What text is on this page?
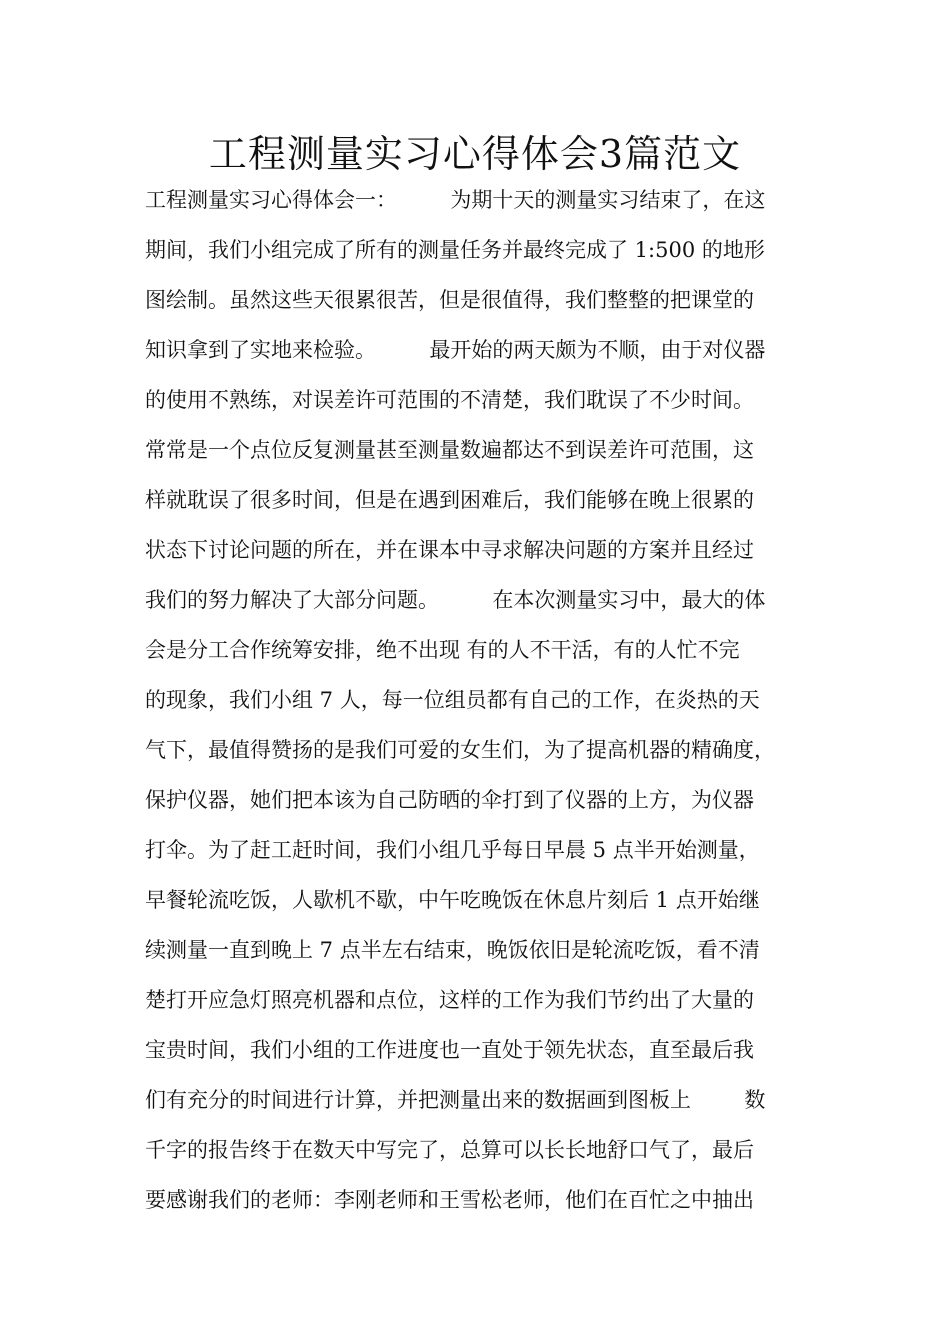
工程测量实习心得体会3篇范文

工程测量实习心得体会一：        为期十天的测量实习结束了，在这

期间，我们小组完成了所有的测量任务并最终完成了 1:500 的地形

图绘制。虽然这些天很累很苦，但是很值得，我们整整的把课堂的

知识拿到了实地来检验。        最开始的两天颇为不顺，由于对仪器

的使用不熟练，对误差许可范围的不清楚，我们耽误了不少时间。

常常是一个点位反复测量甚至测量数遍都达不到误差许可范围，这

样就耽误了很多时间，但是在遇到困难后，我们能够在晚上很累的

状态下讨论问题的所在，并在课本中寻求解决问题的方案并且经过

我们的努力解决了大部分问题。        在本次测量实习中，最大的体

会是分工合作统筹安排，绝不出现 有的人不干活，有的人忙不完

的现象，我们小组 7 人，每一位组员都有自己的工作，在炎热的天

气下，最值得赞扬的是我们可爱的女生们，为了提高机器的精确度，

保护仪器，她们把本该为自己防晒的伞打到了仪器的上方，为仪器

打伞。为了赶工赶时间，我们小组几乎每日早晨 5 点半开始测量，

早餐轮流吃饭，人歇机不歇，中午吃晚饭在休息片刻后 1 点开始继

续测量一直到晚上 7 点半左右结束，晚饭依旧是轮流吃饭，看不清

楚打开应急灯照亮机器和点位，这样的工作为我们节约出了大量的

宝贵时间，我们小组的工作进度也一直处于领先状态，直至最后我

们有充分的时间进行计算，并把测量出来的数据画到图板上        数

千字的报告终于在数天中写完了，总算可以长长地舒口气了，最后

要感谢我们的老师：李刚老师和王雪松老师，他们在百忙之中抽出
